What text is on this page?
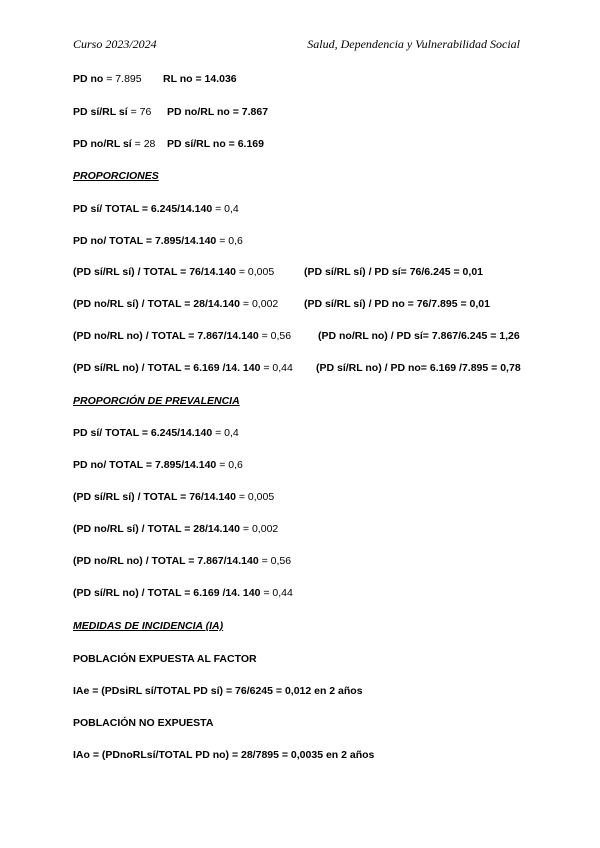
Curso 2023/2024	Salud, Dependencia y Vulnerabilidad Social
PD no = 7.895 RL no = 14.036
PD sí/RL sí = 76 PD no/RL no = 7.867
PD no/RL sí = 28 PD sí/RL no = 6.169
PROPORCIONES
PD sí/ TOTAL = 6.245/14.140 = 0,4
PD no/ TOTAL = 7.895/14.140 = 0,6
(PD sí/RL sí) / TOTAL = 76/14.140 = 0,005	(PD sí/RL sí) / PD sí= 76/6.245 = 0,01
(PD no/RL sí) / TOTAL = 28/14.140 = 0,002 (PD sí/RL sí) / PD no = 76/7.895 = 0,01
(PD no/RL no) / TOTAL = 7.867/14.140 = 0,56	(PD no/RL no) / PD sí= 7.867/6.245 = 1,26
(PD sí/RL no) / TOTAL = 6.169 /14. 140 = 0,44 (PD sí/RL no) / PD no= 6.169 /7.895 = 0,78
PROPORCIÓN DE PREVALENCIA
PD sí/ TOTAL = 6.245/14.140 = 0,4
PD no/ TOTAL = 7.895/14.140 = 0,6
(PD sí/RL sí) / TOTAL = 76/14.140 = 0,005
(PD no/RL sí) / TOTAL = 28/14.140 = 0,002
(PD no/RL no) / TOTAL = 7.867/14.140 = 0,56
(PD sí/RL no) / TOTAL = 6.169 /14. 140 = 0,44
MEDIDAS DE INCIDENCIA (IA)
POBLACIÓN EXPUESTA AL FACTOR
IAe = (PDsiRL sí/TOTAL PD sí) = 76/6245 = 0,012 en 2 años
POBLACIÓN NO EXPUESTA
IAo = (PDnoRLsí/TOTAL PD no) = 28/7895 = 0,0035 en 2 años
